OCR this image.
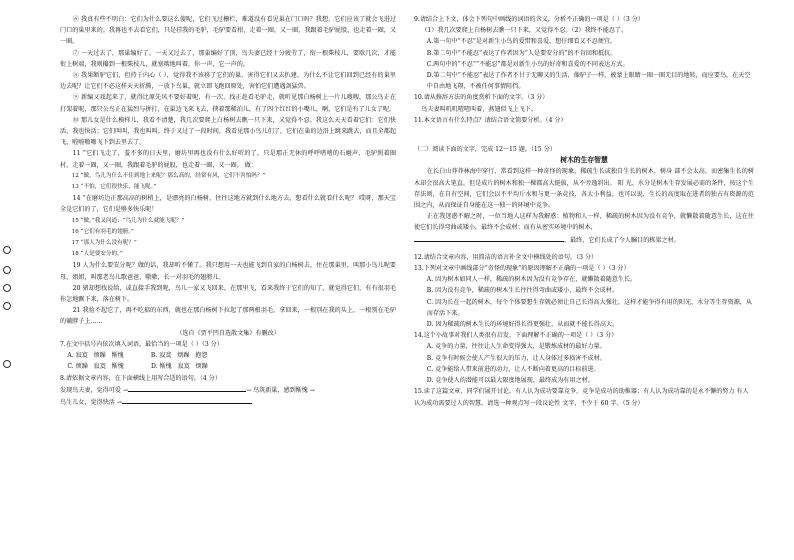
⑥ 我真有些不明白：它们为什么要这么傻呢，它们飞过栅栏，难道没有看见巢在门口吗？我想，它们应该了就会飞进过门口的巢里来的。我再也不去看它们，只是挂我的毛驴，毛驴要看柑，走着一圈，又一圈，我跟着毛驴屁股，也走着一圈，又一圈。

⑦ 一天过去了，那巢编好了。一天又过去了，那巢编好了顶，鸟夫妻已经十分疲劳了，衔一根柴枝儿，要歇几次，才能衔上树端，我则攥到一根柴枝儿，就塞啮地叫着，你一声，它一声的。

⑧ 我果断驴它们，但持于内心（ ），觉得我不该移了它们的巢，害得它们又去扒建，为什么不让它们回到已经有的巢里边去呢？让它们不必这样天天折腾，一放下鸟巢，就立即飞跑回原处，害怕它们遭遇剑猛兽。

⑨ 新编又戏起来了，就得比原先风不要好着呢，有一次，找正赶看毛驴走，就听见那白杨树上一片儿嗖嗖，那公鸟正在打架着呢，那只公鸟正在猛烈与拼打，在巢边飞来飞去，挟着那稀泊儿，有了四个红红的小嘴儿，啊，它们是有了儿女了呢。

⑩ 那儿女是什么模样儿，我看不清楚，我几次要爬上白杨树去瞧一只下来，又觉得不忍。我这么天天看着它们：它们快活，我也快活；它们叫叫，我也叫叫。终于又过了一段时间，我看见那小鸟儿们了，它们在巢的边沿上跳来跳去，而且全都起飞，啦啦啪啪飞下到去里去了。

11 “它们飞走了，羞不多的日天里，磨坊里再也没有什么好听的了，只是那正无休的呼呼嗜嗜的石磨声，毛驴照着圈村，走着一圈，又一圈，我跟着毛驴的屁股，也走着一圈，又一圈。 做：

12 “做，鸟儿为什么不住到地上来呢？那么高的，经常有风，它们不害怕吗？”

13 “不怕，它们很快乐，能飞呢。”

14 “在磨坊边正那高高的树梢上，是漂亮的白杨树，往往这地方就到什么地方去，想看什么就看什么呢？ 哎呀，那天宝全是它们的了，它们是够多快乐呢！

15 “做，”我又问道：“鸟儿为什么就能飞呢？”

16 “它们有羽毛的翅膀。”

17 “那人为什么没有呢？”

18 “人是要安分的。”

19 人为什么要安分呢？做的话，我却听不懂了。我只想用一天也能飞到自家的白杨树去，住在那巢里，叫那小鸟儿呢要母，姐姐，叫那老鸟儿歌爸爸、嗷嗷，长一对羽毛的翅膀儿。

20 猪却想找说给，或直接手我到呢，鸟儿一家又飞回来，在那里飞，看来我终于它们的知了，就觉得它们，有有很羽毛你怎地飘下来，落在树下。

21 我捡不起它了，再不吃掂的东西，就也在那白杨树下拉起了那两根羽毛，拿回来，一根别在我的头上，一根别在毛驴的躺脖子上……

（选自《贾平凹自选散文集》有删改）

7.在文中括号内依次填入词语，最恰当的一项是（ ）（3 分）

A. 寂寞 烦躁 惭愧	B. 寂寞 烦躁 抱怨

C. 烦躁 寂寞 惭愧	D. 惭愧 寂寞 烦躁

8.请依据文章内容，在下面横线上用写合适的语句。（4 分）

发现鸟夫妻，觉得可爱 →	→ 鸟筑新巢，感到惭愧 →

鸟生儿女，觉得快活 →

9.请结合上下文，体会下列句中画线的词语的含义，分析不正确的一项是（ ）（3 分）

（1）我几次要爬上白杨树去瞧一只下来，又觉得不忍。（2）我终不能忍了。

A.第一句中“不忍”是对新生小鸟的爱惜和喜爱，想仔细看又不忍便宜。

B.第二句中“不能忍”表达了作者因为“人是要安分的”的不肯回和抵抗。

C.两句中的“不忍”“不能忍”都是对新生小鸟的好奇和喜爱的不同表达方式。

D.第二句中“不能忍”表达了作者不甘于无聊又的生活，像驴子一样，被蒙上眼睛一圈一圈无目的地转，而应要鸟，在天空中自由地飞翔，不被任何事情阻挡。

10.请从修辞方法的角度赏析下面的文字。（3 分）

鸟夫妻叫叽叽喳喳叫着，燕翅似飞上飞下。

11.本文语言有什么特点？请结合语文简要分析。（4 分）

（二）阅读下面的文字，完成 12～15 题。（15 分）

树木的生存智慧

在长白山莽莽林海中穿行，常看到这样一种奇怪的现象，稀疏生长或独自生长的树木，树身 部不会太高，而密集生长的树木却会很高大笔直。但是成片的树木和独一棵都高大挺拔，从不旁逸斜出。 阳 光、水分是树木生存发展必需的条件，按这个生存法则，在自有空间，它们会以不平均斤水和与更一条竞技，各大小利益，也可以说，生长的高度取在进者的独占有资源的范围之内，从而保证自身能在这一独一的环境中竞争。

正在我迷惑不解之时，一位当地人这样为我解惑：植物和人一样，稀疏的树木因为没有竞争，就懒散着随意生长，这在往使它们长得弯曲或矮小，最终不会成材；而有从密实环境中的树木，

，最终，它们长成了令人瞩目的栋梁之材。

12.请结合文章内容，用简洁的语言补全文中横线处的语句。（3 分）

13.下列对文章中画线部分“奇怪的现象”的原因理解不正确的一项是（ ）（3 分）

A. 因为树木如同人一样，稀疏的树木因为没有竞争存在，就懒散着随意生长。

B. 因为没有竞争，稀疏的树木生长往往得弯曲或矮小，最终不会成材。

C. 因为长在一起的树木，每个个体要想生存就必须让自己长得高大强壮，这样才能争得有用的阳光、水分等生存资源，从而存活下来。

D. 因为稀疏的树木生长的环境好得长得更强壮，从而就不能长得高大。

14.这个小故事对我们人类很有启发，下面理解不正确的一项是（ ）（3 分）

A. 竞争的力量，往往让人生命变得强大，是锻炼成材的最好力量。

B. 竞争有时候会使人产生很大的压力，让人身体过多损害不成材。

C. 竞争能给人带来前进的动力，让人不断向着更高的目标前进。

D. 竞争使人的潜能可以最大限度地展现，最终成为有用之材。

15.读了这篇文章，同学们展开讨论。有人认为成功要靠竞争，竞争是成功的助推器；有人认为成功靠的是永不懈的努力 有人认为成功需要过人的智慧。请选一种观点写一段议论性 文字，不少于 60 字。（5 分）
